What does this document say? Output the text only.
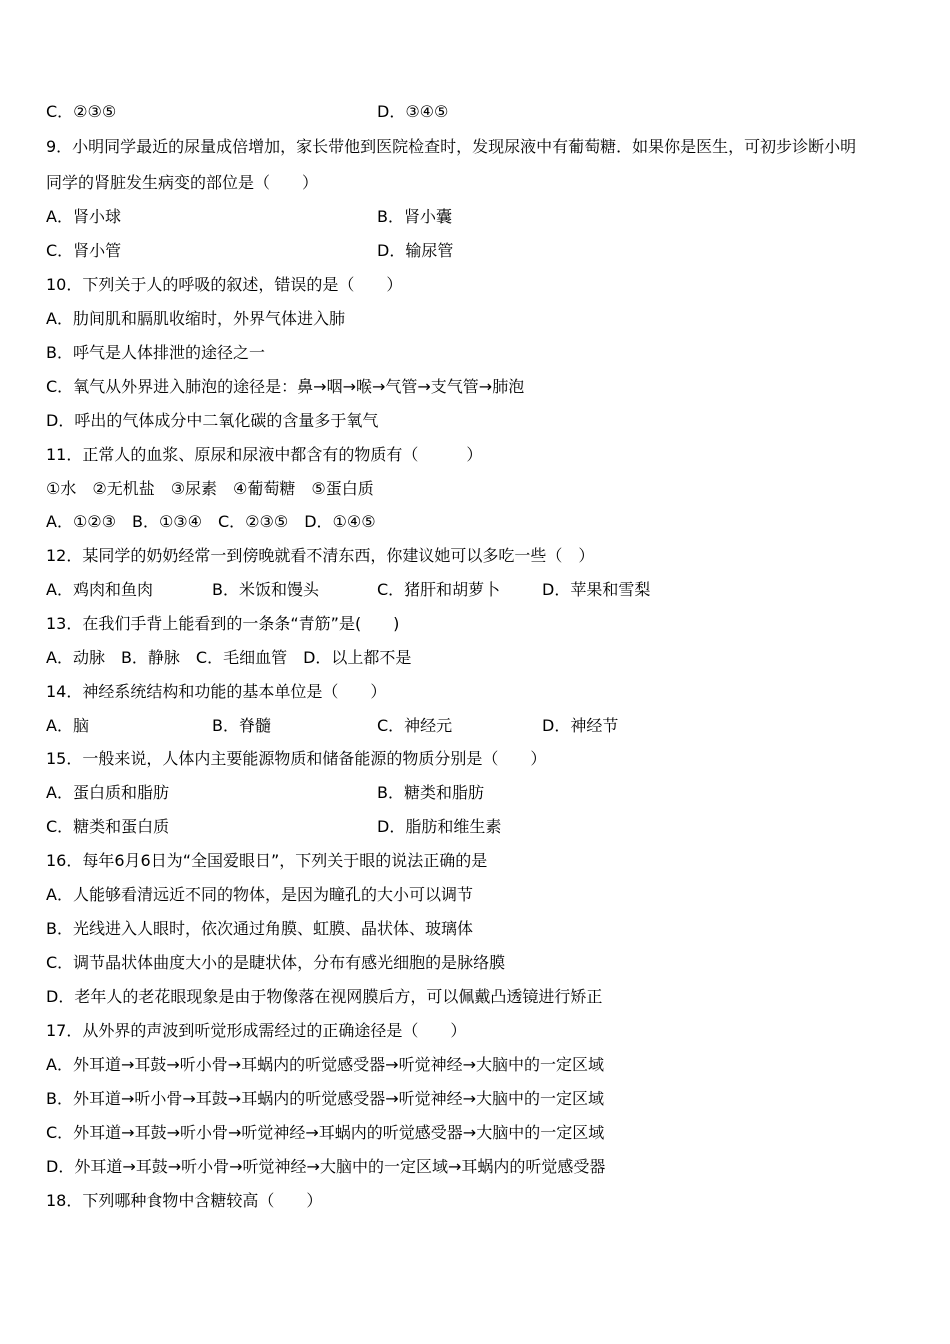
C．②③⑤	D．③④⑤
9．小明同学最近的尿量成倍增加，家长带他到医院检查时，发现尿液中有葡萄糖．如果你是医生，可初步诊断小明
同学的肾脏发生病变的部位是（　　）
A．肾小球	B．肾小囊
C．肾小管	D．输尿管
10．下列关于人的呼吸的叙述，错误的是（　　）
A．肋间肌和膈肌收缩时，外界气体进入肺
B．呼气是人体排泄的途径之一
C．氧气从外界进入肺泡的途径是：鼻→咽→喉→气管→支气管→肺泡
D．呼出的气体成分中二氧化碳的含量多于氧气
11．正常人的血浆、原尿和尿液中都含有的物质有（　　　）
①水　②无机盐　③尿素　④葡萄糖　⑤蛋白质
A．①②③　B．①③④　C．②③⑤　D．①④⑤
12．某同学的奶奶经常一到傍晚就看不清东西，你建议她可以多吃一些（　）
A．鸡肉和鱼肉	B．米饭和馒头	C．猪肝和胡萝卜	D．苹果和雪梨
13．在我们手背上能看到的一条条“青筋”是(　　)
A．动脉　B．静脉　C．毛细血管　D．以上都不是
14．神经系统结构和功能的基本单位是（　　）
A．脑	B．脊髓	C．神经元	D．神经节
15．一般来说，人体内主要能源物质和储备能源的物质分别是（　　）
A．蛋白质和脂肪	B．糖类和脂肪
C．糖类和蛋白质	D．脂肪和维生素
16．每年6月6日为“全国爱眼日”，下列关于眼的说法正确的是
A．人能够看清远近不同的物体，是因为瞳孔的大小可以调节
B．光线进入人眼时，依次通过角膜、虹膜、晶状体、玻璃体
C．调节晶状体曲度大小的是睫状体，分布有感光细胞的是脉络膜
D．老年人的老花眼现象是由于物像落在视网膜后方，可以佩戴凸透镜进行矫正
17．从外界的声波到听觉形成需经过的正确途径是（　　）
A．外耳道→耳鼓→听小骨→耳蜗内的听觉感受器→听觉神经→大脑中的一定区域
B．外耳道→听小骨→耳鼓→耳蜗内的听觉感受器→听觉神经→大脑中的一定区域
C．外耳道→耳鼓→听小骨→听觉神经→耳蜗内的听觉感受器→大脑中的一定区域
D．外耳道→耳鼓→听小骨→听觉神经→大脑中的一定区域→耳蜗内的听觉感受器
18．下列哪种食物中含糖较高（　　）
